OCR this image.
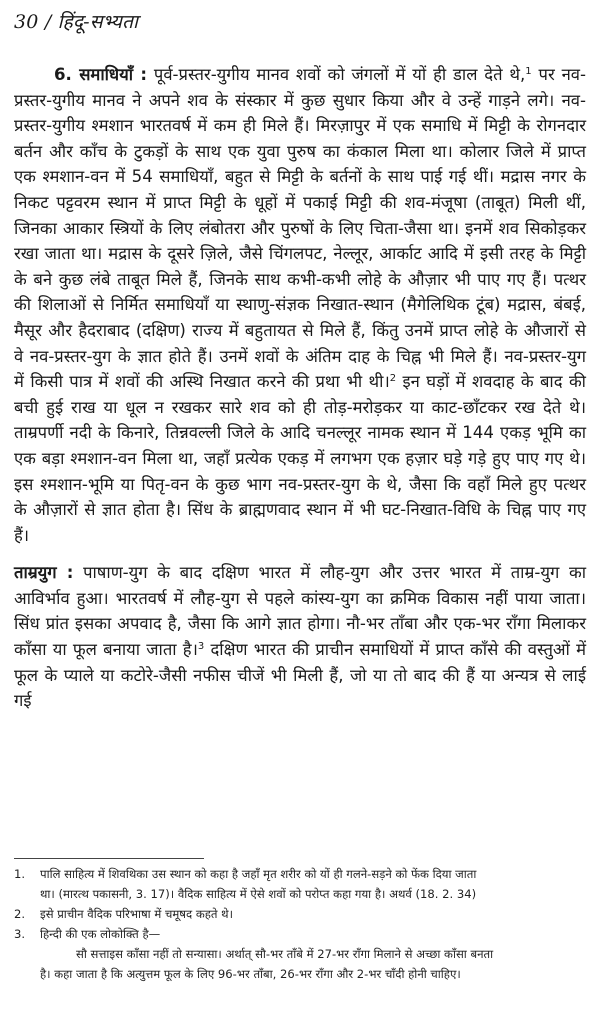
30 / हिंदू-सभ्यता

6. समाधियाँ : पूर्व-प्रस्तर-युगीय मानव शवों को जंगलों में यों ही डाल देते थे,$^1$ पर नव-प्रस्तर-युगीय मानव ने अपने शव के संस्कार में कुछ सुधार किया और वे उन्हें गाड़ने लगे। नव-प्रस्तर-युगीय श्मशान भारतवर्ष में कम ही मिले हैं। मिरज़ापुर में एक समाधि में मिट्टी के रोगनदार बर्तन और काँच के टुकड़ों के साथ एक युवा पुरुष का कंकाल मिला था। कोलार जिले में प्राप्त एक श्मशान-वन में 54 समाधियाँ, बहुत से मिट्टी के बर्तनों के साथ पाई गई थीं। मद्रास नगर के निकट पट्टवरम स्थान में प्राप्त मिट्टी के धूहों में पकाई मिट्टी की शव-मंजूषा (ताबूत) मिली थीं, जिनका आकार स्त्रियों के लिए लंबोतरा और पुरुषों के लिए चिता-जैसा था। इनमें शव सिकोड़कर रखा जाता था। मद्रास के दूसरे ज़िले, जैसे चिंगलपट, नेल्लूर, आर्काट आदि में इसी तरह के मिट्टी के बने कुछ लंबे ताबूत मिले हैं, जिनके साथ कभी-कभी लोहे के औज़ार भी पाए गए हैं। पत्थर की शिलाओं से निर्मित समाधियाँ या स्थाणु-संज्ञक निखात-स्थान (मैगेलिथिक टूंब) मद्रास, बंबई, मैसूर और हैदराबाद (दक्षिण) राज्य में बहुतायत से मिले हैं, किंतु उनमें प्राप्त लोहे के औजारों से वे नव-प्रस्तर-युग के ज्ञात होते हैं। उनमें शवों के अंतिम दाह के चिह्न भी मिले हैं। नव-प्रस्तर-युग में किसी पात्र में शवों की अस्थि निखात करने की प्रथा भी थी।$^2$ इन घड़ों में शवदाह के बाद की बची हुई राख या धूल न रखकर सारे शव को ही तोड़-मरोड़कर या काट-छाँटकर रख देते थे। ताम्रपर्णी नदी के किनारे, तिन्नवल्ली जिले के आदि चनल्लूर नामक स्थान में 144 एकड़ भूमि का एक बड़ा श्मशान-वन मिला था, जहाँ प्रत्येक एकड़ में लगभग एक हज़ार घड़े गड़े हुए पाए गए थे। इस श्मशान-भूमि या पितृ-वन के कुछ भाग नव-प्रस्तर-युग के थे, जैसा कि वहाँ मिले हुए पत्थर के औज़ारों से ज्ञात होता है। सिंध के ब्राह्मणवाद स्थान में भी घट-निखात-विधि के चिह्न पाए गए हैं।

ताम्रयुग : पाषाण-युग के बाद दक्षिण भारत में लौह-युग और उत्तर भारत में ताम्र-युग का आविर्भाव हुआ। भारतवर्ष में लौह-युग से पहले कांस्य-युग का क्रमिक विकास नहीं पाया जाता। सिंध प्रांत इसका अपवाद है, जैसा कि आगे ज्ञात होगा। नौ-भर ताँबा और एक-भर राँगा मिलाकर काँसा या फूल बनाया जाता है।$^3$ दक्षिण भारत की प्राचीन समाधियों में प्राप्त काँसे की वस्तुओं में फूल के प्याले या कटोरे-जैसी नफीस चीजें भी मिली हैं, जो या तो बाद की हैं या अन्यत्र से लाई गई

1.	पालि साहित्य में शिवथिका उस स्थान को कहा है जहाँ मृत शरीर को यों ही गलने-सड़ने को फेंक दिया जाता
था। (मारत्थ पकासनी, 3. 17)। वैदिक साहित्य में ऐसे शवों को परोप्त कहा गया है। अथर्व (18. 2. 34)
2.	इसे प्राचीन वैदिक परिभाषा में चमूषद कहते थे।
3.	हिन्दी की एक लोकोक्ति है—
सौ सत्ताइस काँसा नहीं तो सन्यासा। अर्थात् सौ-भर ताँबे में 27-भर राँगा मिलाने से अच्छा काँसा बनता
है। कहा जाता है कि अत्युत्तम फूल के लिए 96-भर ताँबा, 26-भर राँगा और 2-भर चाँदी होनी चाहिए।
